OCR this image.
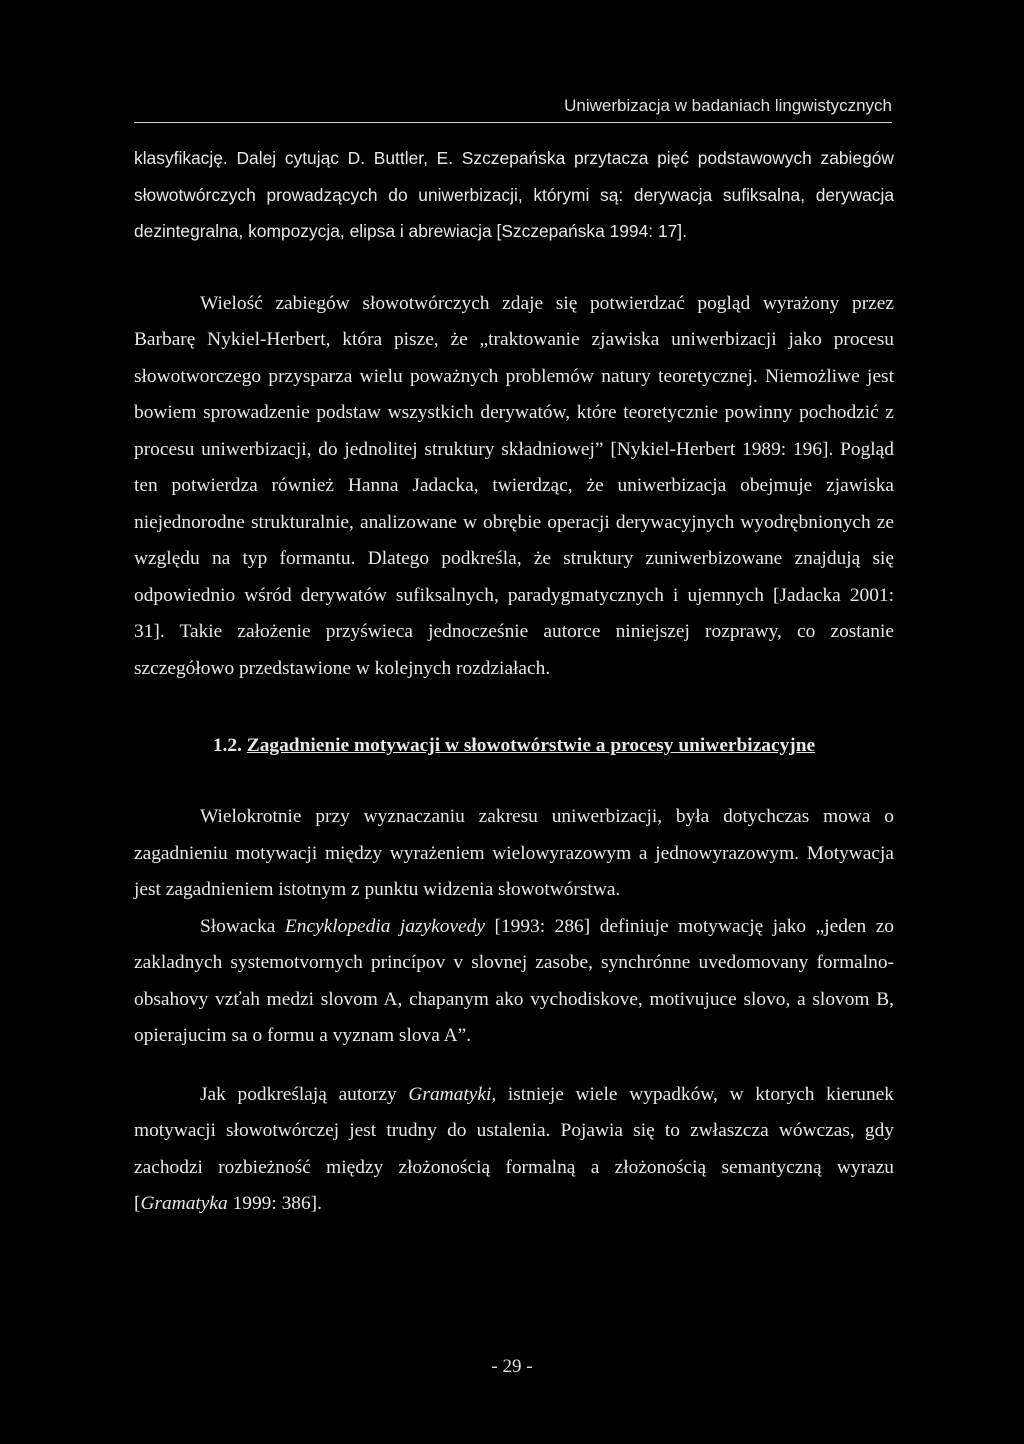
Uniwerbizacja w badaniach lingwistycznych

klasyfikację. Dalej cytując D. Buttler, E. Szczepańska przytacza pięć podstawowych zabiegów słowotwórczych prowadzących do uniwerbizacji, którymi są: derywacja sufiksalna, derywacja dezintegralna, kompozycja, elipsa i abrewiacja [Szczepańska 1994: 17].

Wielość zabiegów słowotwórczych zdaje się potwierdzać pogląd wyrażony przez Barbarę Nykiel-Herbert, która pisze, że „traktowanie zjawiska uniwerbizacji jako procesu słowotworczego przysparza wielu poważnych problemów natury teoretycznej. Niemożliwe jest bowiem sprowadzenie podstaw wszystkich derywatów, które teoretycznie powinny pochodzić z procesu uniwerbizacji, do jednolitej struktury składniowej” [Nykiel-Herbert 1989: 196]. Pogląd ten potwierdza również Hanna Jadacka, twierdząc, że uniwerbizacja obejmuje zjawiska niejednorodne strukturalnie, analizowane w obrębie operacji derywacyjnych wyodrębnionych ze względu na typ formantu. Dlatego podkreśla, że struktury zuniwerbizowane znajdują się odpowiednio wśród derywatów sufiksalnych, paradygmatycznych i ujemnych [Jadacka 2001: 31]. Takie założenie przyświeca jednocześnie autorce niniejszej rozprawy, co zostanie szczegółowo przedstawione w kolejnych rozdziałach.

1.2. Zagadnienie motywacji w słowotwórstwie a procesy uniwerbizacyjne

Wielokrotnie przy wyznaczaniu zakresu uniwerbizacji, była dotychczas mowa o zagadnieniu motywacji między wyrażeniem wielowyrazowym a jednowyrazowym. Motywacja jest zagadnieniem istotnym z punktu widzenia słowotwórstwa.

Słowacka Encyklopedia jazykovedy [1993: 286] definiuje motywację jako „jeden zo zakladnych systemotvornych princípov v slovnej zasobe, synchrónne uvedomovany formalno-obsahovy vzťah medzi slovom A, chapanym ako vychodiskove, motivujuce slovo, a slovom B, opierajucim sa o formu a vyznam slova A”.

Jak podkreślają autorzy Gramatyki, istnieje wiele wypadków, w ktorych kierunek motywacji słowotwórczej jest trudny do ustalenia. Pojawia się to zwłaszcza wówczas, gdy zachodzi rozbieżność między złożonością formalną a złożonością semantyczną wyrazu [Gramatyka 1999: 386].

- 29 -
